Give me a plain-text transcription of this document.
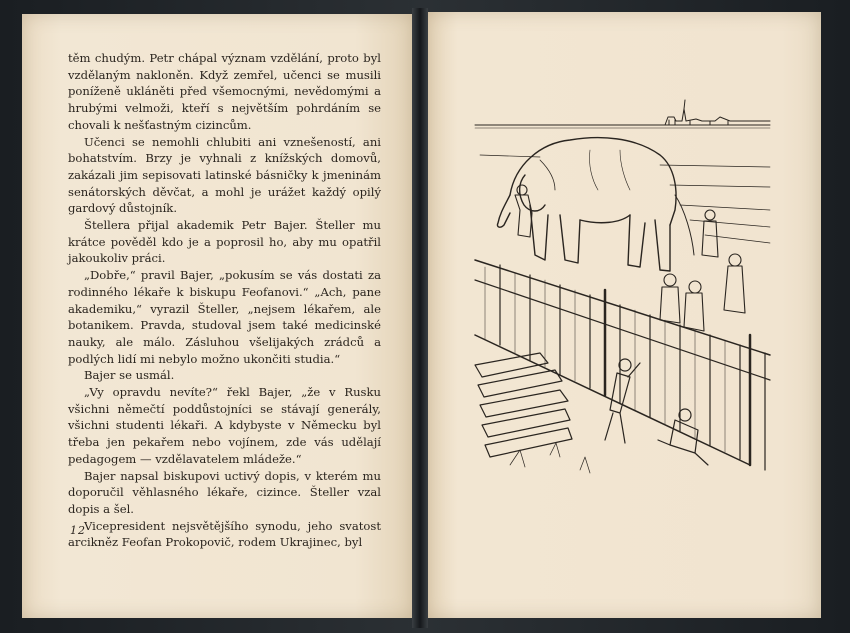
těm chudým. Petr chápal význam vzdělání, proto byl vzdělaným nakloněn. Když zemřel, učenci se musili poníženě ukláněti před všemocnými, nevědomými a hrubými velmoži, kteří s největším pohrdáním se chovali k nešťastným cizincům.

Učenci se nemohli chlubiti ani vznešeností, ani bohatstvím. Brzy je vyhnali z knížských domovů, zakázali jim sepisovati latinské básničky k jmeninám senátorských děvčat, a mohl je urážet každý opilý gardový důstojník.

Štellera přijal akademik Petr Bajer. Šteller mu krátce pověděl kdo je a poprosil ho, aby mu opatřil jakoukoliv práci.

„Dobře,“ pravil Bajer, „pokusím se vás dostati za rodinného lékaře k biskupu Feofanovi.“ „Ach, pane akademiku,“ vyrazil Šteller, „nejsem lékařem, ale botanikem. Pravda, studoval jsem také medicinské nauky, ale málo. Zásluhou všelijakých zrádců a podlých lidí mi nebylo možno ukončiti studia.“

Bajer se usmál.

„Vy opravdu nevíte?“ řekl Bajer, „že v Rusku všichni němečtí poddůstojníci se stávají generály, všichni studenti lékaři. A kdybyste v Německu byl třeba jen pekařem nebo vojínem, zde vás udělají pedagogem — vzdělavatelem mládeže.“

Bajer napsal biskupovi uctivý dopis, v kterém mu doporučil věhlasného lékaře, cizince. Šteller vzal dopis a šel.

Vicepresident nejsvětějšího synodu, jeho svatost arcikněz Feofan Prokopovič, rodem Ukrajinec, byl

12
